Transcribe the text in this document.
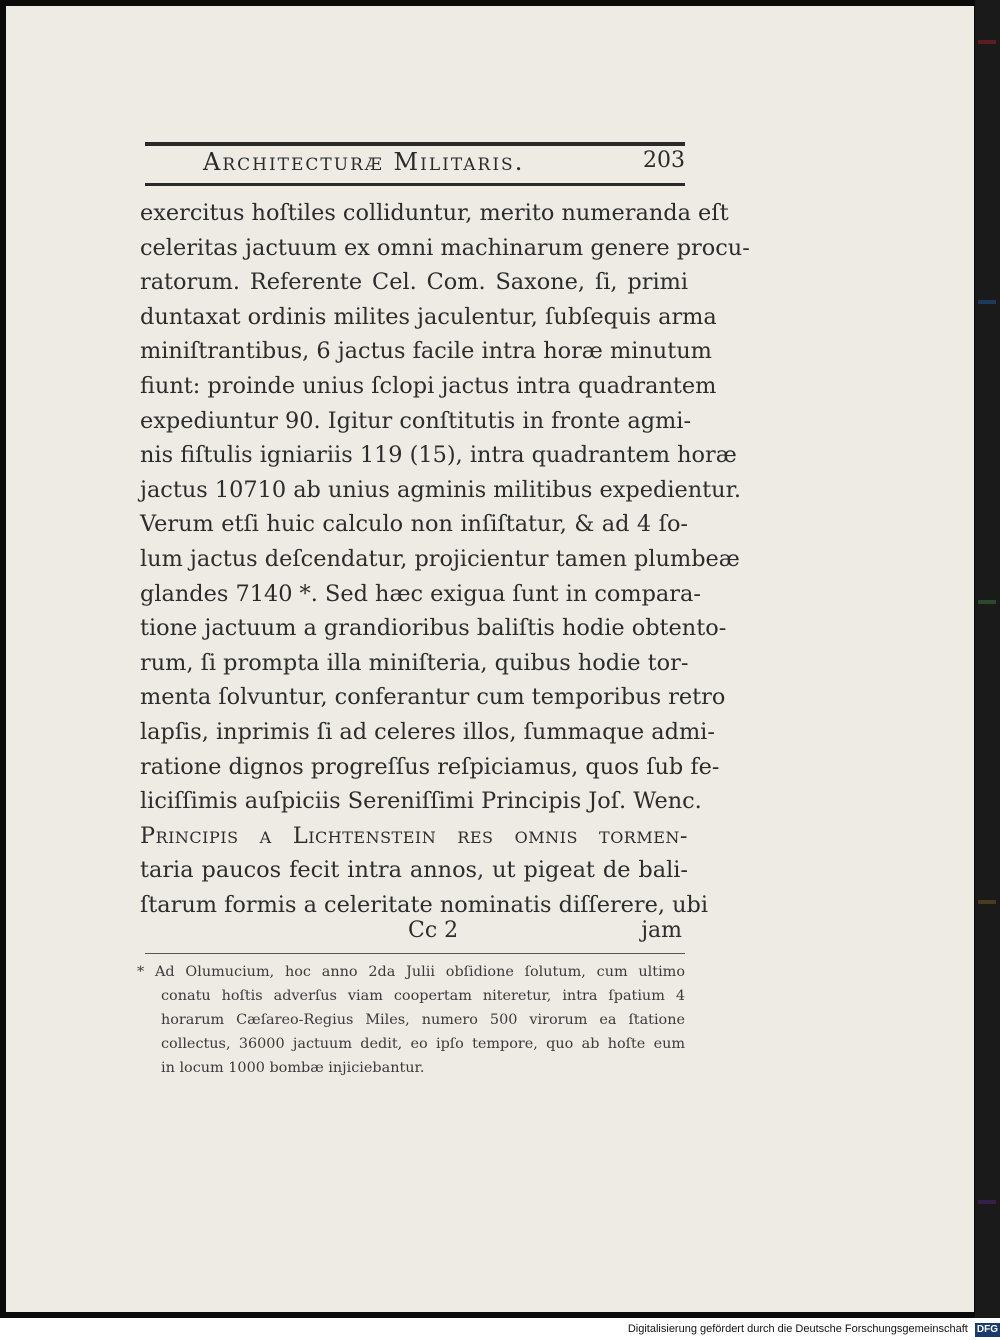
Architecturæ Militaris.	203
exercitus hoſtiles colliduntur, merito numeranda eſt
celeritas jactuum ex omni machinarum genere procu-
ratorum. Referente Cel. Com. Saxone, ſi, primi
duntaxat ordinis milites jaculentur, ſubſequis arma
miniſtrantibus, 6 jactus facile intra horæ minutum
fiunt: proinde unius ſclopi jactus intra quadrantem
expediuntur 90. Igitur conſtitutis in fronte agmi-
nis fiſtulis igniariis 119 (15), intra quadrantem horæ
jactus 10710 ab unius agminis militibus expedientur.
Verum etſi huic calculo non inſiſtatur, & ad 4 ſo-
lum jactus deſcendatur, projicientur tamen plumbeæ
glandes 7140 *. Sed hæc exigua ſunt in compara-
tione jactuum a grandioribus baliſtis hodie obtento-
rum, ſi prompta illa miniſteria, quibus hodie tor-
menta ſolvuntur, conferantur cum temporibus retro
lapſis, inprimis ſi ad celeres illos, ſummaque admi-
ratione dignos progreſſus reſpiciamus, quos ſub fe-
liciſſimis auſpiciis Sereniſſimi Principis Joſ. Wenc.
Principis a Lichtenstein res omnis tormen-
taria paucos fecit intra annos, ut pigeat de bali-
ſtarum formis a celeritate nominatis diſſerere, ubi
Cc 2	jam
* Ad Olumucium, hoc anno 2da Julii obſidione ſolutum, cum ultimo
conatu hoſtis adverſus viam coopertam niteretur, intra ſpatium 4
horarum Cæſareo-Regius Miles, numero 500 virorum ea ſtatione
collectus, 36000 jactuum dedit, eo ipſo tempore, quo ab hoſte eum
in locum 1000 bombæ injiciebantur.
Digitalisierung gefördert durch die Deutsche Forschungsgemeinschaft DFG
